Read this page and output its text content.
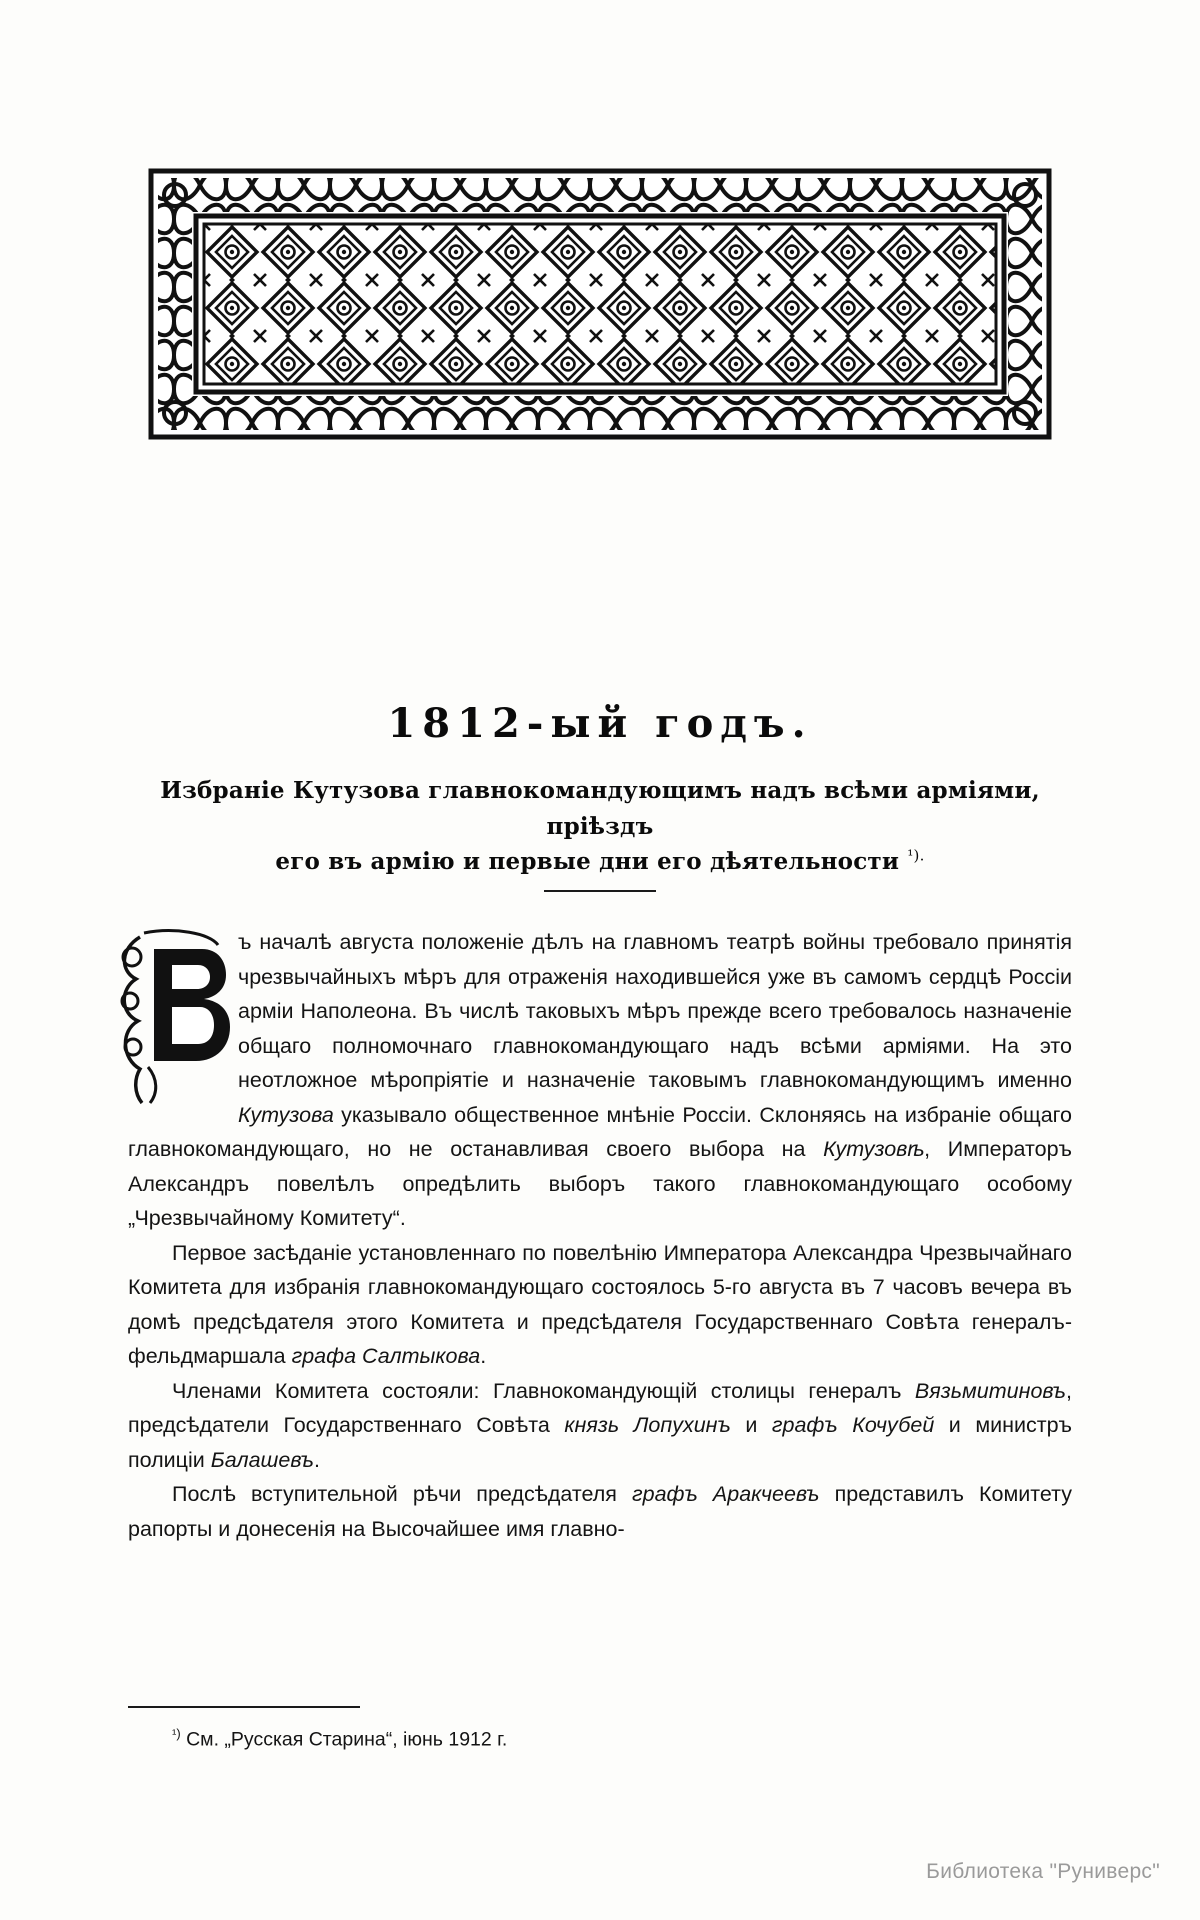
1812-ый годъ.

Избраніе Кутузова главнокомандующимъ надъ всѣми арміями, пріѣздъ
его въ армію и первые дни его дѣятельности $^{^1).}$

ъ началѣ августа положеніе дѣлъ на главномъ театрѣ войны требовало принятія чрезвычайныхъ мѣръ для отраженія находившейся уже въ самомъ сердцѣ Россіи арміи Наполеона. Въ числѣ таковыхъ мѣръ прежде всего требовалось назначеніе общаго полномочнаго главнокомандующаго надъ всѣми арміями. На это неотложное мѣропріятіе и назначеніе таковымъ главнокомандующимъ именно Кутузова указывало общественное мнѣніе Россіи. Склоняясь на избраніе общаго главнокомандующаго, но не останавливая своего выбора на Кутузовѣ, Императоръ Александръ повелѣлъ опредѣлить выборъ такого главнокомандующаго особому „Чрезвычайному Комитету“.

Первое засѣданіе установленнаго по повелѣнію Императора Александра Чрезвычайнаго Комитета для избранія главнокомандующаго состоялось 5-го августа въ 7 часовъ вечера въ домѣ предсѣдателя этого Комитета и предсѣдателя Государственнаго Совѣта генералъ-фельдмаршала графа Салтыкова.

Членами Комитета состояли: Главнокомандующій столицы генералъ Вязьмитиновъ, предсѣдатели Государственнаго Совѣта князь Лопухинъ и графъ Кочубей и министръ полиціи Балашевъ.

Послѣ вступительной рѣчи предсѣдателя графъ Аракчеевъ представилъ Комитету рапорты и донесенія на Высочайшее имя главно-

$^{^1)}$ См. „Русская Старина“, іюнь 1912 г.
Библиотека "Руниверс"
